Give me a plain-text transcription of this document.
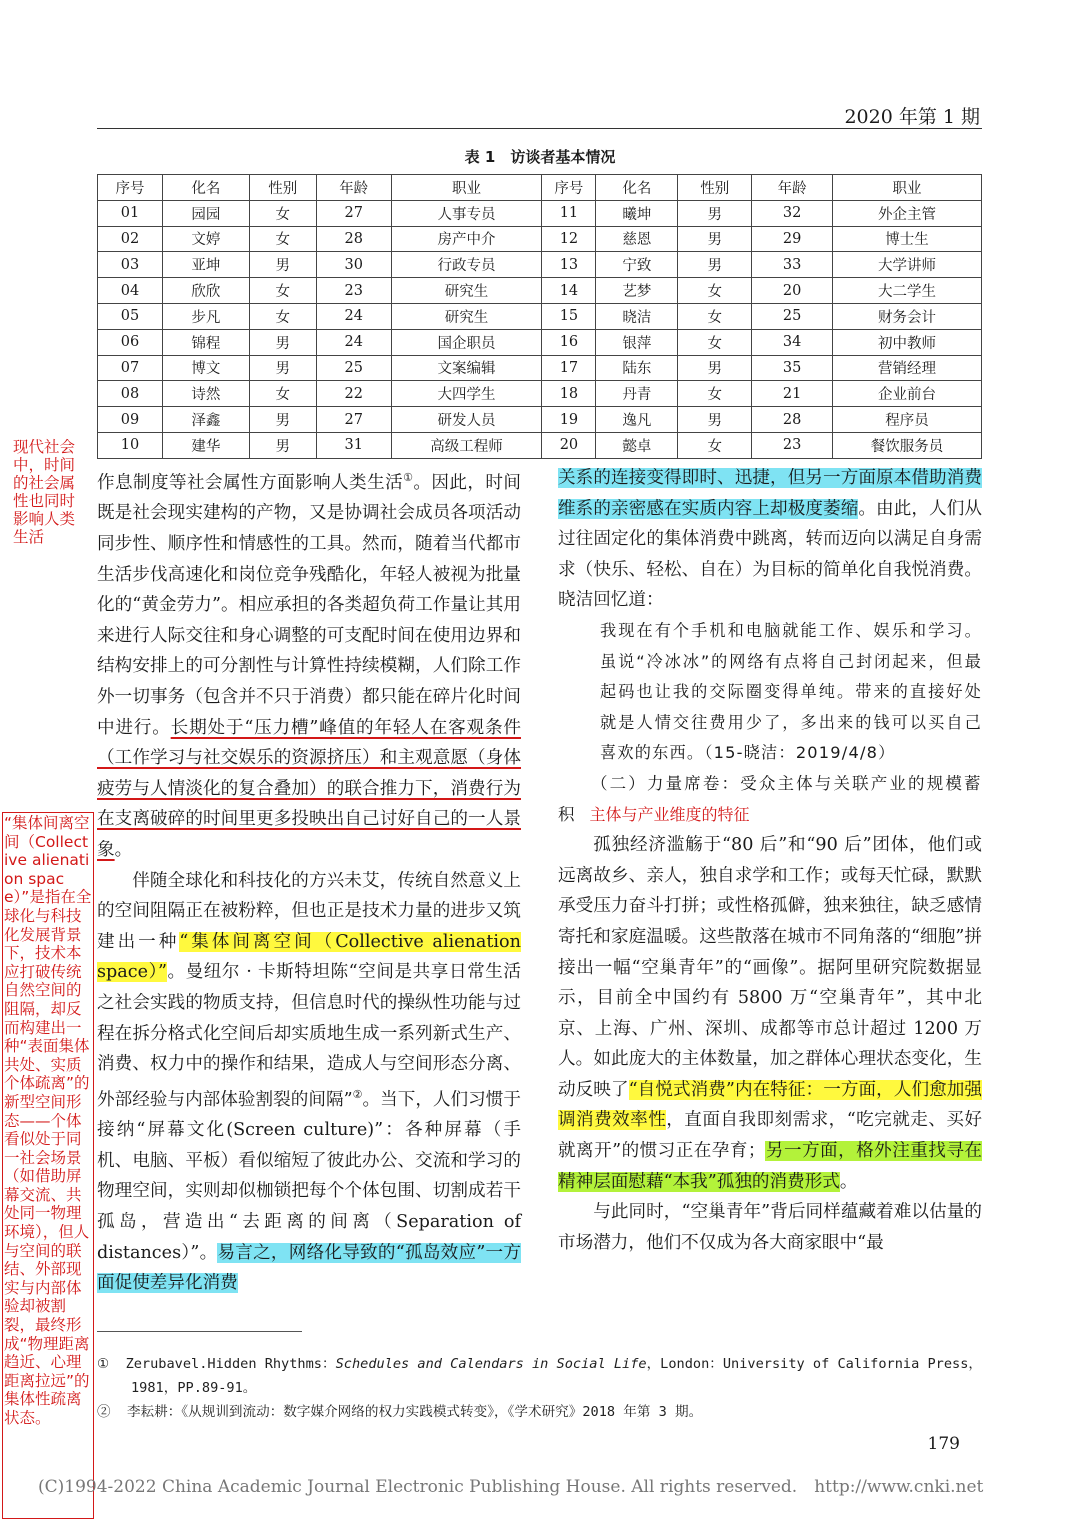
2020 年第 1 期
表 1　访谈者基本情况
序号	化名	性别	年龄	职业	序号	化名	性别	年龄	职业
01	园园	女	27	人事专员	11	曦坤	男	32	外企主管
02	文婷	女	28	房产中介	12	慈恩	男	29	博士生
03	亚坤	男	30	行政专员	13	宁致	男	33	大学讲师
04	欣欣	女	23	研究生	14	艺梦	女	20	大二学生
05	步凡	女	24	研究生	15	晓洁	女	25	财务会计
06	锦程	男	24	国企职员	16	银萍	女	34	初中教师
07	博文	男	25	文案编辑	17	陆东	男	35	营销经理
08	诗然	女	22	大四学生	18	丹青	女	21	企业前台
09	泽鑫	男	27	研发人员	19	逸凡	男	28	程序员
10	建华	男	31	高级工程师	20	懿卓	女	23	餐饮服务员
现代社会中，时间的社会属性也同时影响人类生活
“集体间离空间（Collective alienation space）”是指在全球化与科技化发展背景下，技术本应打破传统自然空间的阻隔，却反而构建出一种“表面集体共处、实质个体疏离”的新型空间形态——个体看似处于同一社会场景（如借助屏幕交流、共处同一物理环境），但人与空间的联结、外部现实与内部体验却被割裂，最终形成“物理距离趋近、心理距离拉远”的集体性疏离状态。

作息制度等社会属性方面影响人类生活①。因此，时间既是社会现实建构的产物，又是协调社会成员各项活动同步性、顺序性和情感性的工具。然而，随着当代都市生活步伐高速化和岗位竞争残酷化，年轻人被视为批量化的“黄金劳力”。相应承担的各类超负荷工作量让其用来进行人际交往和身心调整的可支配时间在使用边界和结构安排上的可分割性与计算性持续模糊，人们除工作外一切事务（包含并不只于消费）都只能在碎片化时间中进行。长期处于“压力槽”峰值的年轻人在客观条件（工作学习与社交娱乐的资源挤压）和主观意愿（身体疲劳与人情淡化的复合叠加）的联合推力下，消费行为在支离破碎的时间里更多投映出自己讨好自己的一人景象。

伴随全球化和科技化的方兴未艾，传统自然意义上的空间阻隔正在被粉粹，但也正是技术力量的进步又筑建出一种“集体间离空间（Collective alienation space）”。曼纽尔 · 卡斯特坦陈“空间是共享日常生活之社会实践的物质支持，但信息时代的操纵性功能与过程在拆分格式化空间后却实质地生成一系列新式生产、消费、权力中的操作和结果，造成人与空间形态分离、外部经验与内部体验割裂的间隔”②。当下，人们习惯于接纳“屏幕文化(Screen culture)”：各种屏幕（手机、电脑、平板）看似缩短了彼此办公、交流和学习的物理空间，实则却似枷锁把每个个体包围、切割成若干孤岛，营造出“去距离的间离（Separation of distances）”。易言之，网络化导致的“孤岛效应”一方面促使差异化消费

关系的连接变得即时、迅捷，但另一方面原本借助消费维系的亲密感在实质内容上却极度萎缩。由此，人们从过往固定化的集体消费中跳离，转而迈向以满足自身需求（快乐、轻松、自在）为目标的简单化自我悦消费。晓洁回忆道：

我现在有个手机和电脑就能工作、娱乐和学习。虽说“冷冰冰”的网络有点将自己封闭起来，但最起码也让我的交际圈变得单纯。带来的直接好处就是人情交往费用少了，多出来的钱可以买自己喜欢的东西。（15-晓洁：2019/4/8）

（二）力量席卷：受众主体与关联产业的规模蓄积 主体与产业维度的特征

孤独经济滥觞于“80 后”和“90 后”团体，他们或远离故乡、亲人，独自求学和工作；或每天忙碌，默默承受压力奋斗打拼；或性格孤僻，独来独往，缺乏感情寄托和家庭温暖。这些散落在城市不同角落的“细胞”拼接出一幅“空巢青年”的“画像”。据阿里研究院数据显示，目前全中国约有 5800 万“空巢青年”，其中北京、上海、广州、深圳、成都等市总计超过 1200 万人。如此庞大的主体数量，加之群体心理状态变化，生动反映了“自悦式消费”内在特征：一方面，人们愈加强调消费效率性，直面自我即刻需求，“吃完就走、买好就离开”的惯习正在孕育；另一方面，格外注重找寻在精神层面慰藉“本我”孤独的消费形式。

与此同时，“空巢青年”背后同样蕴藏着难以估量的市场潜力，他们不仅成为各大商家眼中“最

① Zerubavel.Hidden Rhythms：Schedules and Calendars in Social Life，London：University of California Press，1981，PP.89-91。

② 李耘耕：《从规训到流动：数字媒介网络的权力实践模式转变》，《学术研究》2018 年第 3 期。

179
(C)1994-2022 China Academic Journal Electronic Publishing House. All rights reserved.　http://www.cnki.net
